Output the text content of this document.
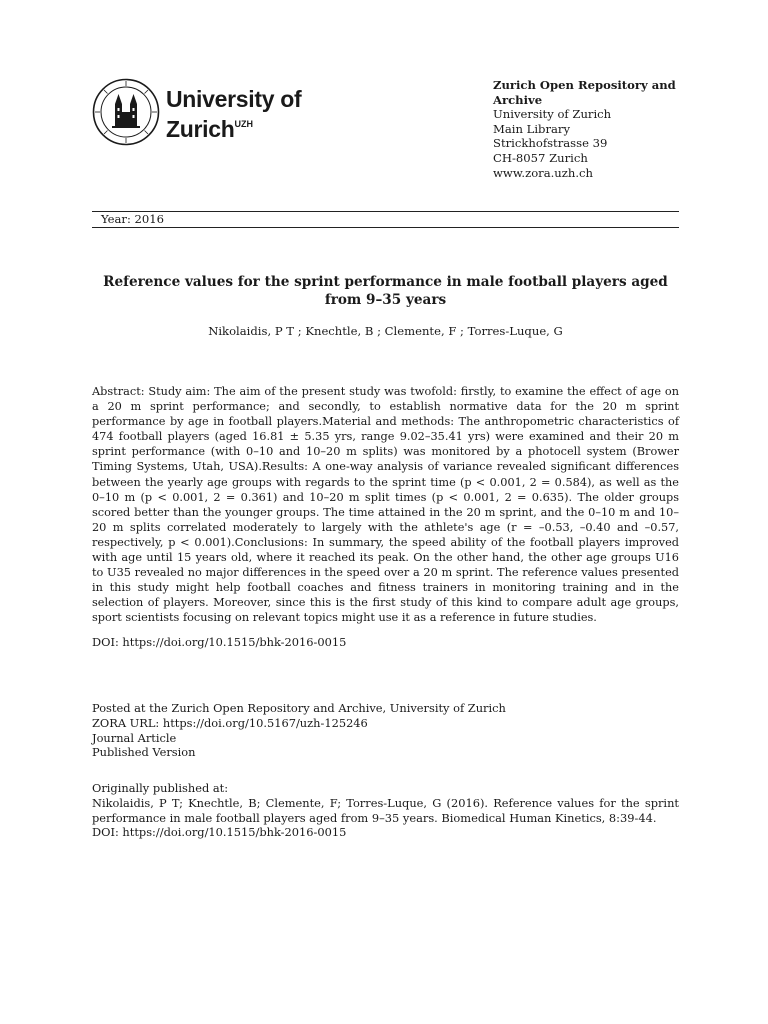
University of
Zurich$^{UZH}$
Zurich Open Repository and
Archive
University of Zurich
Main Library
Strickhofstrasse 39
CH-8057 Zurich
www.zora.uzh.ch
Year: 2016
Reference values for the sprint performance in male football players aged from 9–35 years
Nikolaidis, P T ; Knechtle, B ; Clemente, F ; Torres-Luque, G

Abstract: Study aim: The aim of the present study was twofold: firstly, to examine the effect of age on a 20 m sprint performance; and secondly, to establish normative data for the 20 m sprint performance by age in football players.Material and methods: The anthropometric characteristics of 474 football players (aged 16.81 ± 5.35 yrs, range 9.02–35.41 yrs) were examined and their 20 m sprint performance (with 0–10 and 10–20 m splits) was monitored by a photocell system (Brower Timing Systems, Utah, USA).Results: A one-way analysis of variance revealed significant differences between the yearly age groups with regards to the sprint time (p < 0.001, 2 = 0.584), as well as the 0–10 m (p < 0.001, 2 = 0.361) and 10–20 m split times (p < 0.001, 2 = 0.635). The older groups scored better than the younger groups. The time attained in the 20 m sprint, and the 0–10 m and 10–20 m splits correlated moderately to largely with the athlete's age (r = –0.53, –0.40 and –0.57, respectively, p < 0.001).Conclusions: In summary, the speed ability of the football players improved with age until 15 years old, where it reached its peak. On the other hand, the other age groups U16 to U35 revealed no major differences in the speed over a 20 m sprint. The reference values presented in this study might help football coaches and fitness trainers in monitoring training and in the selection of players. Moreover, since this is the first study of this kind to compare adult age groups, sport scientists focusing on relevant topics might use it as a reference in future studies.

DOI: https://doi.org/10.1515/bhk-2016-0015
Posted at the Zurich Open Repository and Archive, University of Zurich
ZORA URL: https://doi.org/10.5167/uzh-125246
Journal Article
Published Version
Originally published at:
Nikolaidis, P T; Knechtle, B; Clemente, F; Torres-Luque, G (2016). Reference values for the sprint performance in male football players aged from 9–35 years. Biomedical Human Kinetics, 8:39-44.
DOI: https://doi.org/10.1515/bhk-2016-0015
